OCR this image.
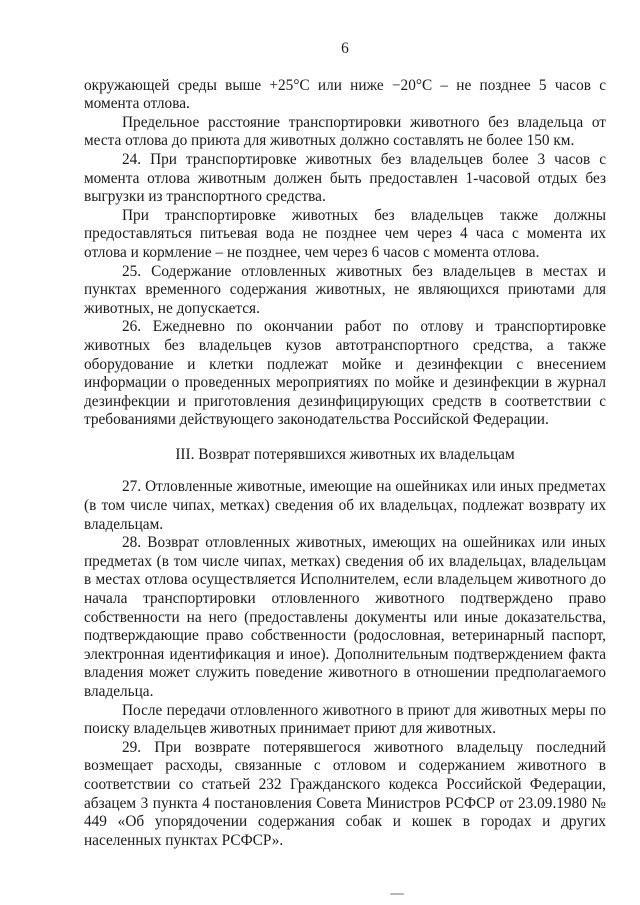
6

окружающей среды выше +25°С или ниже −20°С – не позднее 5 часов с момента отлова.

Предельное расстояние транспортировки животного без владельца от места отлова до приюта для животных должно составлять не более 150 км.

24. При транспортировке животных без владельцев более 3 часов с момента отлова животным должен быть предоставлен 1-часовой отдых без выгрузки из транспортного средства.

При транспортировке животных без владельцев также должны предоставляться питьевая вода не позднее чем через 4 часа с момента их отлова и кормление – не позднее, чем через 6 часов с момента отлова.

25. Содержание отловленных животных без владельцев в местах и пунктах временного содержания животных, не являющихся приютами для животных, не допускается.

26. Ежедневно по окончании работ по отлову и транспортировке животных без владельцев кузов автотранспортного средства, а также оборудование и клетки подлежат мойке и дезинфекции с внесением информации о проведенных мероприятиях по мойке и дезинфекции в журнал дезинфекции и приготовления дезинфицирующих средств в соответствии с требованиями действующего законодательства Российской Федерации.

III. Возврат потерявшихся животных их владельцам

27. Отловленные животные, имеющие на ошейниках или иных предметах (в том числе чипах, метках) сведения об их владельцах, подлежат возврату их владельцам.

28. Возврат отловленных животных, имеющих на ошейниках или иных предметах (в том числе чипах, метках) сведения об их владельцах, владельцам в местах отлова осуществляется Исполнителем, если владельцем животного до начала транспортировки отловленного животного подтверждено право собственности на него (предоставлены документы или иные доказательства, подтверждающие право собственности (родословная, ветеринарный паспорт, электронная идентификация и иное). Дополнительным подтверждением факта владения может служить поведение животного в отношении предполагаемого владельца.

После передачи отловленного животного в приют для животных меры по поиску владельцев животных принимает приют для животных.

29. При возврате потерявшегося животного владельцу последний возмещает расходы, связанные с отловом и содержанием животного в соответствии со статьей 232 Гражданского кодекса Российской Федерации, абзацем 3 пункта 4 постановления Совета Министров РСФСР от 23.09.1980 № 449 «Об упорядочении содержания собак и кошек в городах и других населенных пунктах РСФСР».
